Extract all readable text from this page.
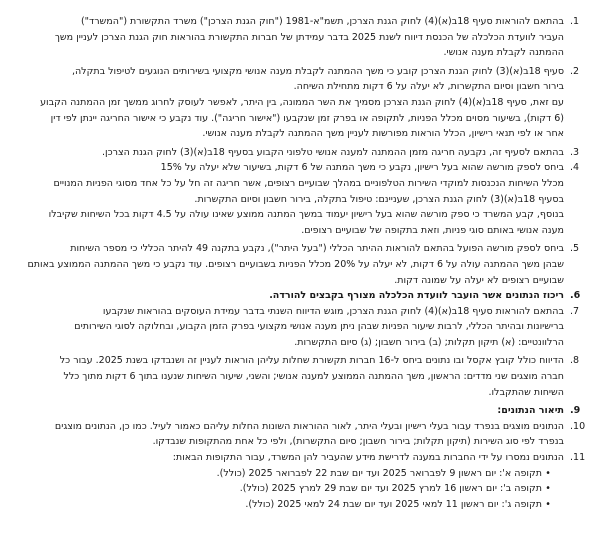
1.
בהתאם להוראות סעיף 18ב(א)(4) לחוק הגנת הצרכן, תשמ"א-1981 ("חוק הגנת הצרכן") משרד התקשורת ("המשרד")
העביר לוועדת הכלכלה של הכנסת דיווח לשנת 2025 בדבר עמידתן של חברות התקשורת בהוראות חוק הגנת הצרכן לעניין משך
ההמתנה לקבלת מענה אנושי.
2.
סעיף 18ב(א)(3) לחוק הגנת הצרכן קובע כי משך ההמתנה לקבלת מענה אנושי מקצועי בשירותים הנוגעים לטיפול בתקלה,
בירור חשבון וסיום התקשרות, לא יעלה על 6 דקות מתחילת השיחה.
עם זאת, סעיף 18ב(א)(4) לחוק הגנת הצרכן מסמיך את השר הממונה, בין היתר, לאפשר לעוסק לחרוג ממשך זמן ההמתנה הקבוע
(6 דקות), בשיעור מסוים מכלל הפניות, לתקופה או בפרק זמן שנקבעו ("אישור חריגה"). עוד נקבע כי אישור החריגה יינתן לפי דין
אחר או לפי תנאי רישיון, הכלל הוראות מפורשות לעניין משך ההמתנה לקבלת מענה אנושי.
3.
בהתאם לסעיף זה, נקבעה חריגה מזמן ההמתנה למענה אנושי טלפוני הקבוע בסעיף 18ב(א)(3) לחוק הגנת הצרכן.
4.
ביחס לספק מורשה שהוא בעל רישיון, נקבע כי משך המתנה של 6 דקות, בשיעור שלא יעלה על 15%
מכלל השיחות הנכנסות למוקדי השירות הטלפוניים במהלך שבועיים רצופים, אשר חריגה זה חל על כל אחד מסוגי הפניות המנויים
בסעיף 18ב(א)(3) לחוק הגנת הצרכן, שעניינם: טיפול בתקלה, בירור חשבון וסיום התקשרות.
בנוסף, קבע המשרד כי ספק מורשה שהוא בעל רישיון יעמוד במשך המתנה ממוצע שאינו עולה על 4.5 דקות בכל השיחות שקיבלו
מענה אנושי באותם סוגי פניות, וזאת בתקופה של שבועיים רצופים.
5.
ביחס לספק מורשה הפועל בהתאם להוראות ההיתר הכללי ("בעל היתר"), נקבע בתקנה 49 להיתר הכללי כי מספר השיחות
שבהן משך ההמתנה עולה על 6 דקות, לא יעלה על 20% מכלל הפניות בשבועיים רצופים. עוד נקבע כי משך ההמתנה הממוצע באותם
שבועיים רצופים לא יעלה על שמונה דקות.
6.
ריכוז הנתונים אשר הועבר לוועדת הכלכלה מצורף בקבצים להורדה.
7.
בהתאם להוראות סעיף 18ב(א)(4) לחוק הגנת הצרכן, מוגש הדיווח השנתי בדבר עמידת העוסקים בהוראות שנקבעו
ברישיונות ובהיתר הכללי, לרבות שיעור הפניות שבהן ניתן מענה אנושי מקצועי בפרק הזמן הקבוע, ובחלוקה לסוגי השירותים
הרלוונטיים: (א) תיקון תקלות; (ב) בירור חשבון; (ג) סיום התקשרות.
8.
הדיווח כולל קובץ אקסל ובו נתונים ביחס ל-16 חברות תקשורת שחלות עליהן הוראות לעניין זה ושנבדקו בשנת 2025. עבור כל
חברה מוצגים שני מדדים: הראשון, משך ההמתנה הממוצע למענה אנושי; והשני, שיעור השיחות שנענו בתוך 6 דקות מתוך כלל
השיחות שהתקבלו.
9.
תיאור הנתונים:
10.
הנתונים מוצגים בנפרד עבור בעלי רישיון ובעלי היתר, לאור ההוראות השונות החלות עליהם כאמור לעיל. כמו כן, הנתונים מוצגים
בנפרד לפי סוג השירות (תיקון תקלות; בירור חשבון; סיום התקשרות), ולפי כל אחת מהתקופות שנבדקו.
11.
הנתונים נמסרו על ידי החברות במענה לדרישת מידע שהעביר להן המשרד, עבור התקופות הבאות:
•
תקופה א': יום ראשון 9 לפברואר 2025 ועד יום שבת 22 לפברואר 2025 (כולל).
•
תקופה ב': יום ראשון 16 למרץ 2025 ועד יום שבת 29 למרץ 2025 (כולל).
•
תקופה ג': יום ראשון 11 למאי 2025 ועד יום שבת 24 למאי 2025 (כולל).
